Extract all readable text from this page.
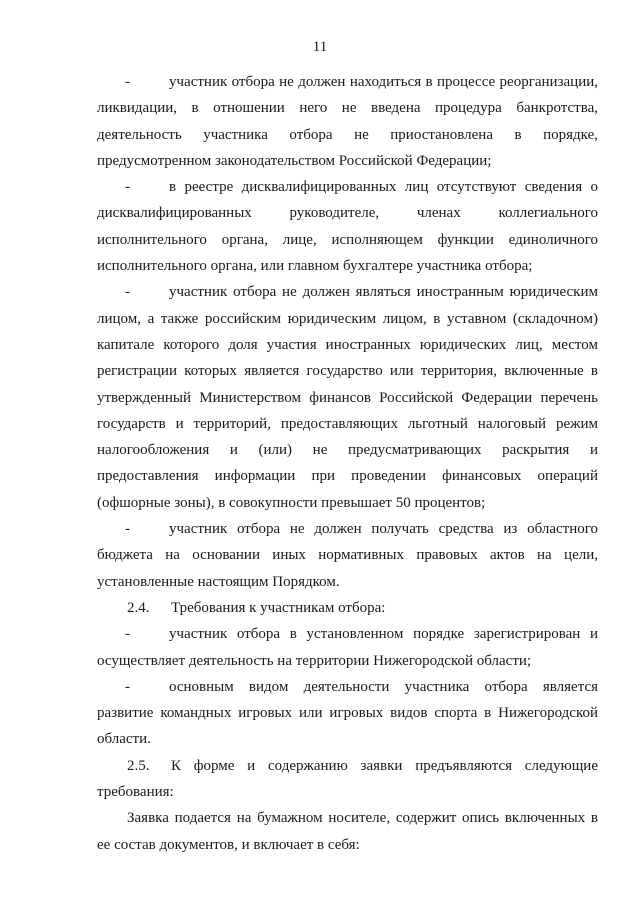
11

-	участник отбора не должен находиться в процессе реорганизации, ликвидации, в отношении него не введена процедура банкротства, деятельность участника отбора не приостановлена в порядке, предусмотренном законодательством Российской Федерации;

-	в реестре дисквалифицированных лиц отсутствуют сведения о дисквалифицированных руководителе, членах коллегиального исполнительного органа, лице, исполняющем функции единоличного исполнительного органа, или главном бухгалтере участника отбора;

-	участник отбора не должен являться иностранным юридическим лицом, а также российским юридическим лицом, в уставном (складочном) капитале которого доля участия иностранных юридических лиц, местом регистрации которых является государство или территория, включенные в утвержденный Министерством финансов Российской Федерации перечень государств и территорий, предоставляющих льготный налоговый режим налогообложения и (или) не предусматривающих раскрытия и предоставления информации при проведении финансовых операций (офшорные зоны), в совокупности превышает 50 процентов;

-	участник отбора не должен получать средства из областного бюджета на основании иных нормативных правовых актов на цели, установленные настоящим Порядком.

2.4. Требования к участникам отбора:

-	участник отбора в установленном порядке зарегистрирован и осуществляет деятельность на территории Нижегородской области;

-	основным видом деятельности участника отбора является развитие командных игровых или игровых видов спорта в Нижегородской области.

2.5. К форме и содержанию заявки предъявляются следующие требования:

Заявка подается на бумажном носителе, содержит опись включенных в ее состав документов, и включает в себя:
